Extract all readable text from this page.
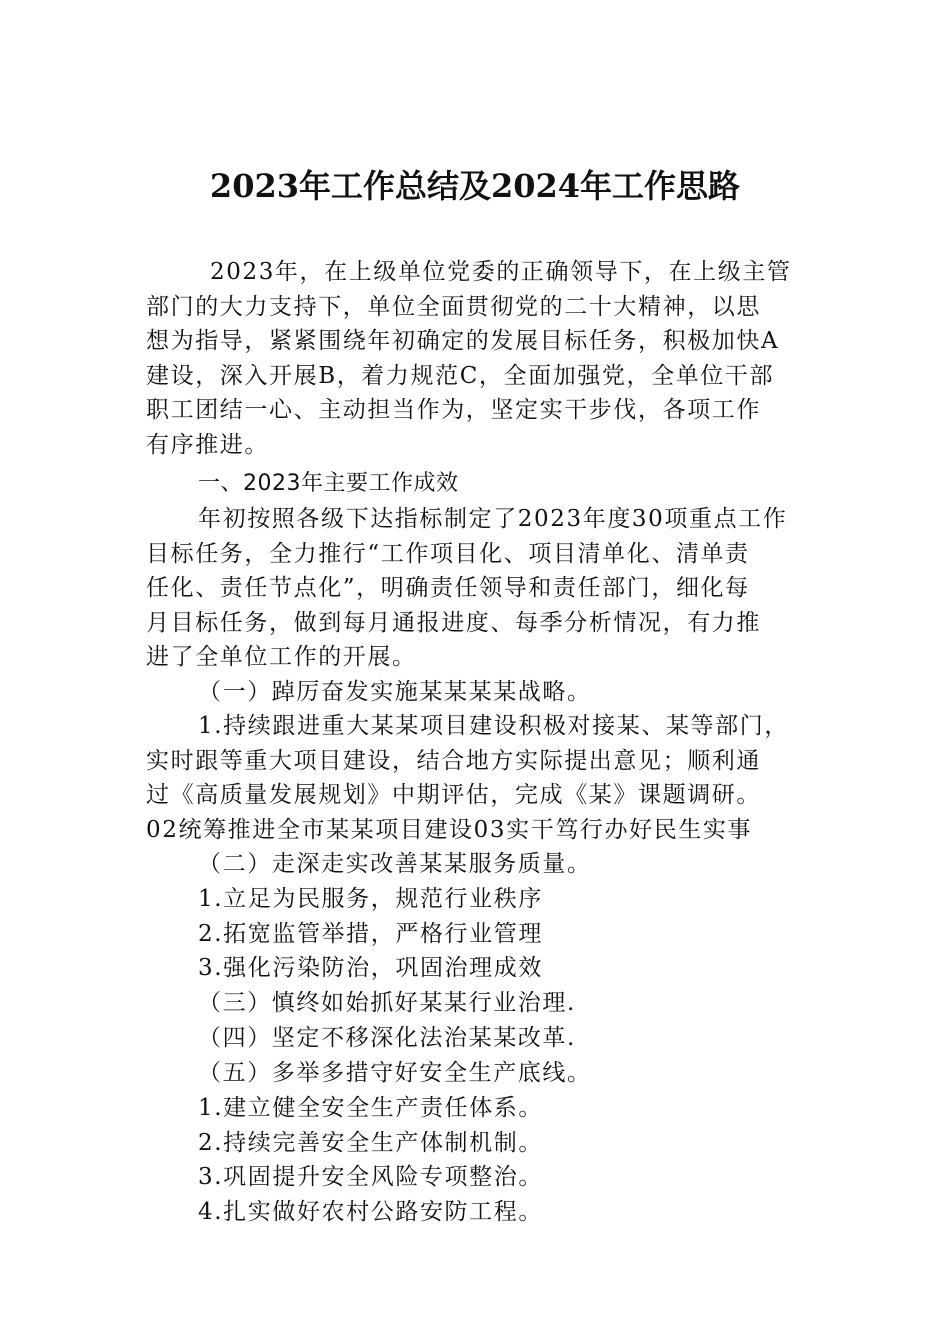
2023年工作总结及2024年工作思路
2023年，在上级单位党委的正确领导下，在上级主管
部门的大力支持下，单位全面贯彻党的二十大精神，以思
想为指导，紧紧围绕年初确定的发展目标任务，积极加快A
建设，深入开展B，着力规范C，全面加强党，全单位干部
职工团结一心、主动担当作为，坚定实干步伐，各项工作
有序推进。
一、2023年主要工作成效
年初按照各级下达指标制定了2023年度30项重点工作
目标任务，全力推行“工作项目化、项目清单化、清单责
任化、责任节点化”，明确责任领导和责任部门，细化每
月目标任务，做到每月通报进度、每季分析情况，有力推
进了全单位工作的开展。
（一）踔厉奋发实施某某某某战略。
1.持续跟进重大某某项目建设积极对接某、某等部门，
实时跟等重大项目建设，结合地方实际提出意见；顺利通
过《高质量发展规划》中期评估，完成《某》课题调研。
02统筹推进全市某某项目建设03实干笃行办好民生实事
（二）走深走实改善某某服务质量。
1.立足为民服务，规范行业秩序
2.拓宽监管举措，严格行业管理
3.强化污染防治，巩固治理成效
（三）慎终如始抓好某某行业治理.
（四）坚定不移深化法治某某改革.
（五）多举多措守好安全生产底线。
1.建立健全安全生产责任体系。
2.持续完善安全生产体制机制。
3.巩固提升安全风险专项整治。
4.扎实做好农村公路安防工程。
